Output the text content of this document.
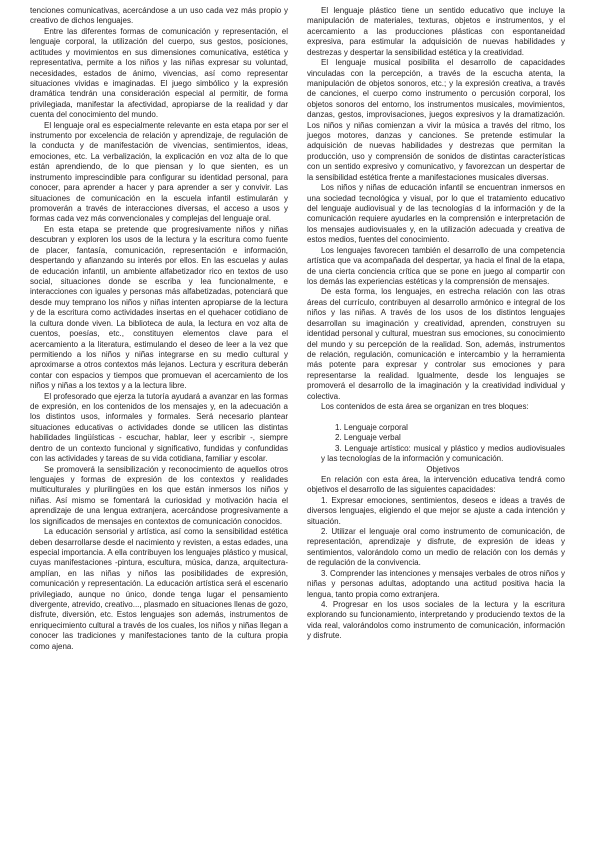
tenciones comunicativas, acercándose a un uso cada vez más propio y creativo de dichos lenguajes.

Entre las diferentes formas de comunicación y representación, el lenguaje corporal, la utilización del cuerpo, sus gestos, posiciones, actitudes y movimientos en sus dimensiones comunicativa, estética y representativa, permite a los niños y las niñas expresar su voluntad, necesidades, estados de ánimo, vivencias, así como representar situaciones vividas e imaginadas. El juego simbólico y la expresión dramática tendrán una consideración especial al permitir, de forma privilegiada, manifestar la afectividad, apropiarse de la realidad y dar cuenta del conocimiento del mundo.

El lenguaje oral es especialmente relevante en esta etapa por ser el instrumento por excelencia de relación y aprendizaje, de regulación de la conducta y de manifestación de vivencias, sentimientos, ideas, emociones, etc. La verbalización, la explicación en voz alta de lo que están aprendiendo, de lo que piensan y lo que sienten, es un instrumento imprescindible para configurar su identidad personal, para conocer, para aprender a hacer y para aprender a ser y convivir. Las situaciones de comunicación en la escuela infantil estimularán y promoverán a través de interacciones diversas, el acceso a usos y formas cada vez más convencionales y complejas del lenguaje oral.

En esta etapa se pretende que progresivamente niños y niñas descubran y exploren los usos de la lectura y la escritura como fuente de placer, fantasía, comunicación, representación e información, despertando y afianzando su interés por ellos. En las escuelas y aulas de educación infantil, un ambiente alfabetizador rico en textos de uso social, situaciones donde se escriba y lea funcionalmente, e interacciones con iguales y personas más alfabetizadas, potenciará que desde muy temprano los niños y niñas intenten apropiarse de la lectura y de la escritura como actividades insertas en el quehacer cotidiano de la cultura donde viven. La biblioteca de aula, la lectura en voz alta de cuentos, poesías, etc., constituyen elementos clave para el acercamiento a la literatura, estimulando el deseo de leer a la vez que permitiendo a los niños y niñas integrarse en su medio cultural y aproximarse a otros contextos más lejanos. Lectura y escritura deberán contar con espacios y tiempos que promuevan el acercamiento de los niños y niñas a los textos y a la lectura libre.

El profesorado que ejerza la tutoría ayudará a avanzar en las formas de expresión, en los contenidos de los mensajes y, en la adecuación a los distintos usos, informales y formales. Será necesario plantear situaciones educativas o actividades donde se utilicen las distintas habilidades lingüísticas - escuchar, hablar, leer y escribir -, siempre dentro de un contexto funcional y significativo, fundidas y confundidas con las actividades y tareas de su vida cotidiana, familiar y escolar.

Se promoverá la sensibilización y reconocimiento de aquellos otros lenguajes y formas de expresión de los contextos y realidades multiculturales y plurilingües en los que están inmersos los niños y niñas. Así mismo se fomentará la curiosidad y motivación hacia el aprendizaje de una lengua extranjera, acercándose progresivamente a los significados de mensajes en contextos de comunicación conocidos.

La educación sensorial y artística, así como la sensibilidad estética deben desarrollarse desde el nacimiento y revisten, a estas edades, una especial importancia. A ella contribuyen los lenguajes plástico y musical, cuyas manifestaciones -pintura, escultura, música, danza, arquitectura- amplían, en las niñas y niños las posibilidades de expresión, comunicación y representación. La educación artística será el escenario privilegiado, aunque no único, donde tenga lugar el pensamiento divergente, atrevido, creativo..., plasmado en situaciones llenas de gozo, disfrute, diversión, etc. Estos lenguajes son además, instrumentos de enriquecimiento cultural a través de los cuales, los niños y niñas llegan a conocer las tradiciones y manifestaciones tanto de la cultura propia como ajena.

El lenguaje plástico tiene un sentido educativo que incluye la manipulación de materiales, texturas, objetos e instrumentos, y el acercamiento a las producciones plásticas con espontaneidad expresiva, para estimular la adquisición de nuevas habilidades y destrezas y despertar la sensibilidad estética y la creatividad.

El lenguaje musical posibilita el desarrollo de capacidades vinculadas con la percepción, a través de la escucha atenta, la manipulación de objetos sonoros, etc.; y la expresión creativa, a través de canciones, el cuerpo como instrumento o percusión corporal, los objetos sonoros del entorno, los instrumentos musicales, movimientos, danzas, gestos, improvisaciones, juegos expresivos y la dramatización. Los niños y niñas comienzan a vivir la música a través del ritmo, los juegos motores, danzas y canciones. Se pretende estimular la adquisición de nuevas habilidades y destrezas que permitan la producción, uso y comprensión de sonidos de distintas características con un sentido expresivo y comunicativo, y favorezcan un despertar de la sensibilidad estética frente a manifestaciones musicales diversas.

Los niños y niñas de educación infantil se encuentran inmersos en una sociedad tecnológica y visual, por lo que el tratamiento educativo del lenguaje audiovisual y de las tecnologías d la información y de la comunicación requiere ayudarles en la comprensión e interpretación de los mensajes audiovisuales y, en la utilización adecuada y creativa de estos medios, fuentes del conocimiento.

Los lenguajes favorecen también el desarrollo de una competencia artística que va acompañada del despertar, ya hacia el final de la etapa, de una cierta conciencia crítica que se pone en juego al compartir con los demás las experiencias estéticas y la comprensión de mensajes.

De esta forma, los lenguajes, en estrecha relación con las otras áreas del currículo, contribuyen al desarrollo armónico e integral de los niños y las niñas. A través de los usos de los distintos lenguajes desarrollan su imaginación y creatividad, aprenden, construyen su identidad personal y cultural, muestran sus emociones, su conocimiento del mundo y su percepción de la realidad. Son, además, instrumentos de relación, regulación, comunicación e intercambio y la herramienta más potente para expresar y controlar sus emociones y para representarse la realidad. Igualmente, desde los lenguajes se promoverá el desarrollo de la imaginación y la creatividad individual y colectiva.

Los contenidos de esta área se organizan en tres bloques:

1. Lenguaje corporal

2. Lenguaje verbal

3. Lenguaje artístico: musical y plástico y medios audiovisuales y las tecnologías de la información y comunicación.

Objetivos

En relación con esta área, la intervención educativa tendrá como objetivos el desarrollo de las siguientes capacidades:

1. Expresar emociones, sentimientos, deseos e ideas a través de diversos lenguajes, eligiendo el que mejor se ajuste a cada intención y situación.

2. Utilizar el lenguaje oral como instrumento de comunicación, de representación, aprendizaje y disfrute, de expresión de ideas y sentimientos, valorándolo como un medio de relación con los demás y de regulación de la convivencia.

3. Comprender las intenciones y mensajes verbales de otros niños y niñas y personas adultas, adoptando una actitud positiva hacia la lengua, tanto propia como extranjera.

4. Progresar en los usos sociales de la lectura y la escritura explorando su funcionamiento, interpretando y produciendo textos de la vida real, valorándolos como instrumento de comunicación, información y disfrute.
